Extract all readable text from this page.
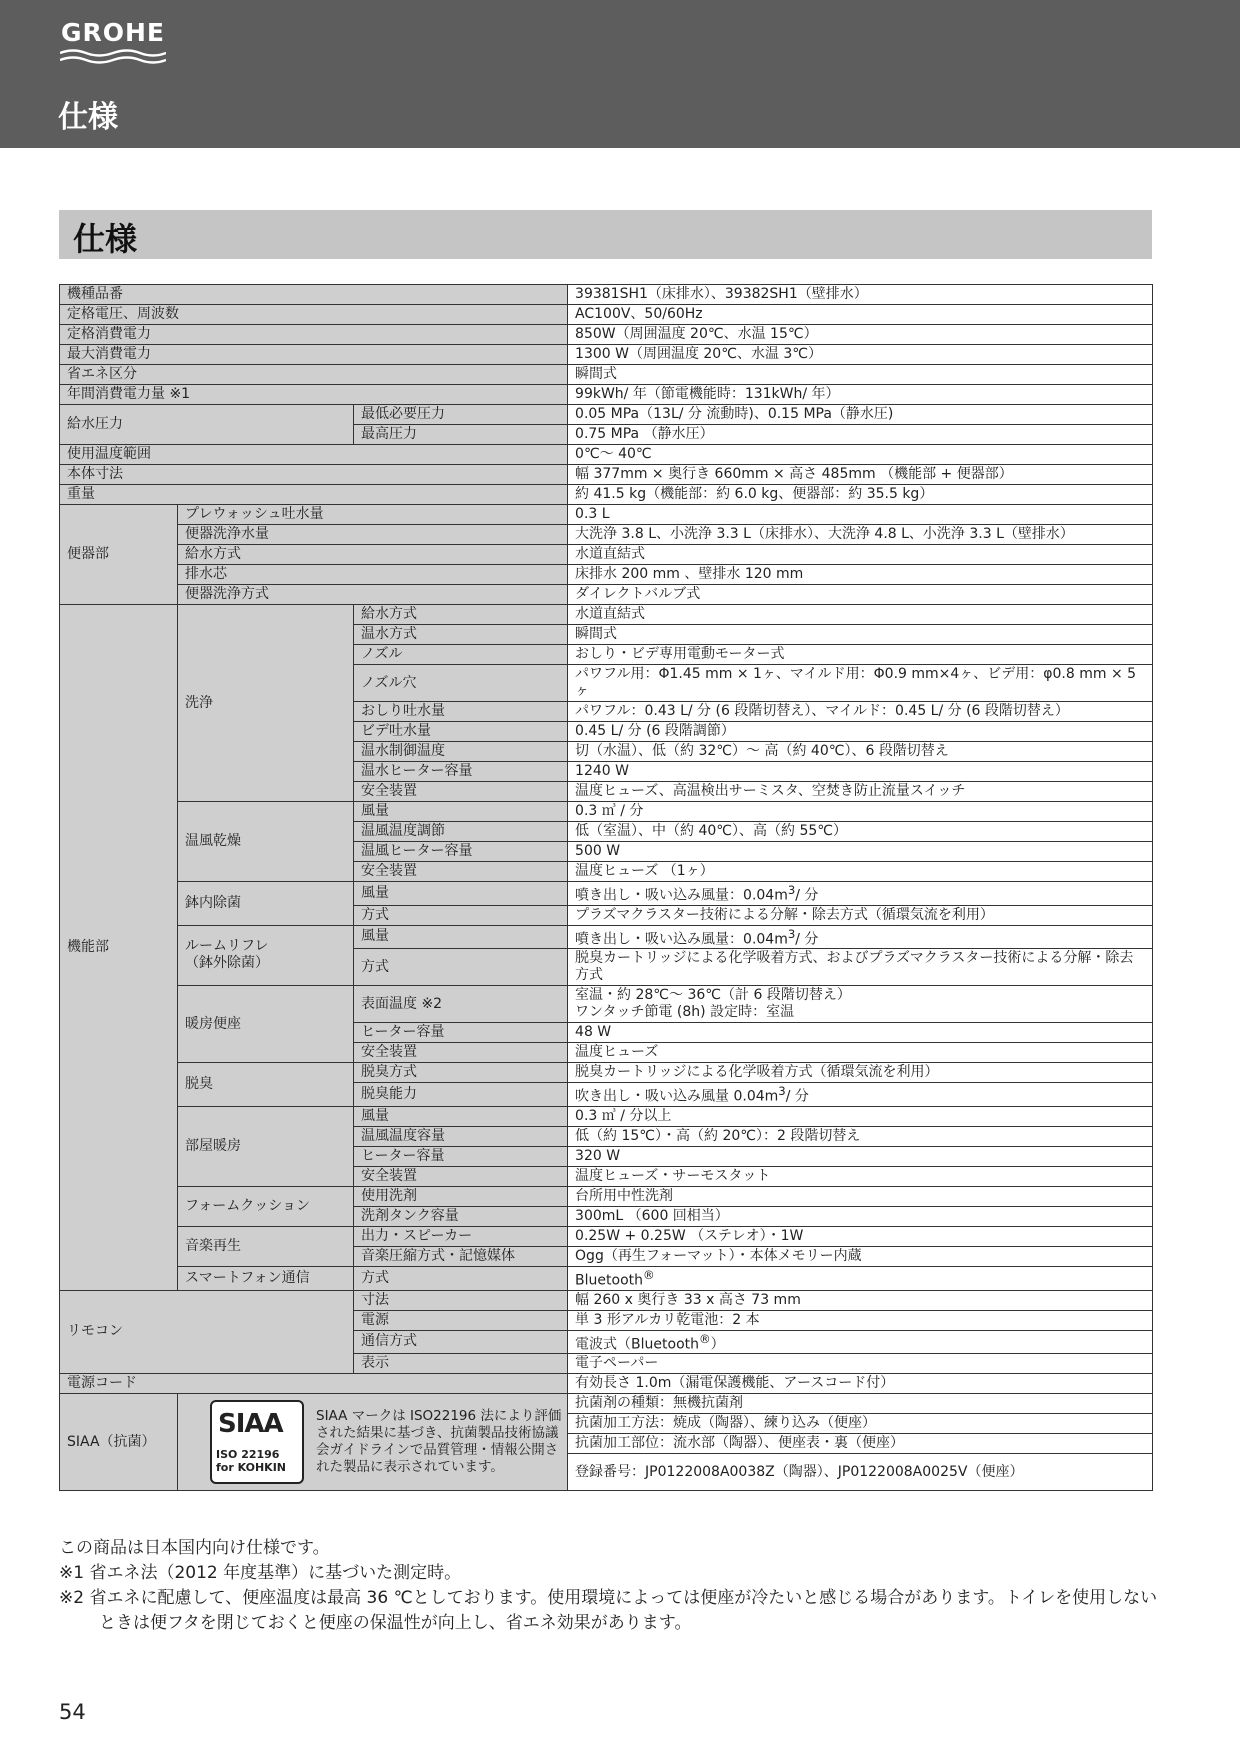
GROHE
仕様
仕様
機種品番			39381SH1（床排水）、39382SH1（壁排水）
定格電圧、周波数			AC100V、50/60Hz
定格消費電力			850W（周囲温度 20℃、水温 15℃）
最大消費電力			1300 W（周囲温度 20℃、水温 3℃）
省エネ区分			瞬間式
年間消費電力量 ※1			99kWh/ 年（節電機能時：131kWh/ 年）
給水圧力		最低必要圧力	0.05 MPa（13L/ 分 流動時)、0.15 MPa（静水圧)
		最高圧力	0.75 MPa （静水圧）
使用温度範囲			0℃〜 40℃
本体寸法			幅 377mm × 奥行き 660mm × 高さ 485mm （機能部 + 便器部）
重量			約 41.5 kg（機能部：約 6.0 kg、便器部：約 35.5 kg）
便器部	プレウォッシュ吐水量		0.3 L
	便器洗浄水量		大洗浄 3.8 L、小洗浄 3.3 L（床排水）、大洗浄 4.8 L、小洗浄 3.3 L（壁排水）
	給水方式		水道直結式
	排水芯		床排水 200 mm 、壁排水 120 mm
	便器洗浄方式		ダイレクトバルブ式
機能部	洗浄	給水方式	水道直結式
		温水方式	瞬間式
		ノズル	おしり・ビデ専用電動モーター式
		ノズル穴	パワフル用：Φ1.45 mm × 1ヶ、マイルド用：Φ0.9 mm×4ヶ、ビデ用：φ0.8 mm × 5ヶ
		おしり吐水量	パワフル：0.43 L/ 分 (6 段階切替え）、マイルド：0.45 L/ 分 (6 段階切替え）
		ビデ吐水量	0.45 L/ 分 (6 段階調節）
		温水制御温度	切（水温）、低（約 32℃）〜 高（約 40℃）、6 段階切替え
		温水ヒーター容量	1240 W
		安全装置	温度ヒューズ、高温検出サーミスタ、空焚き防止流量スイッチ
	温風乾燥	風量	0.3 ㎥ / 分
		温風温度調節	低（室温）、中（約 40℃）、高（約 55℃）
		温風ヒーター容量	500 W
		安全装置	温度ヒューズ （1ヶ）
	鉢内除菌	風量	噴き出し・吸い込み風量：$0.04m^3/$ 分
		方式	プラズマクラスター技術による分解・除去方式（循環気流を利用）
	ルームリフレ
（鉢外除菌）	風量	噴き出し・吸い込み風量：$0.04m^3/$ 分
		方式	脱臭カートリッジによる化学吸着方式、およびプラズマクラスター技術による分解・除去方式
	暖房便座	表面温度 ※2	室温・約 28℃〜 36℃（計 6 段階切替え）
ワンタッチ節電 (8h) 設定時：室温
		ヒーター容量	48 W
		安全装置	温度ヒューズ
	脱臭	脱臭方式	脱臭カートリッジによる化学吸着方式（循環気流を利用）
		脱臭能力	吹き出し・吸い込み風量 $0.04m^3/$ 分
	部屋暖房	風量	0.3 ㎥ / 分以上
		温風温度容量	低（約 15℃）・高（約 20℃）：2 段階切替え
		ヒーター容量	320 W
		安全装置	温度ヒューズ・サーモスタット
	フォームクッション	使用洗剤	台所用中性洗剤
		洗剤タンク容量	300mL （600 回相当）
	音楽再生	出力・スピーカー	0.25W + 0.25W （ステレオ）・1W
		音楽圧縮方式・記憶媒体	Ogg（再生フォーマット）・本体メモリー内蔵
	スマートフォン通信	方式	Bluetooth®
リモコン		寸法	幅 260 x 奥行き 33 x 高さ 73 mm
		電源	単 3 形アルカリ乾電池：2 本
		通信方式	電波式（Bluetooth®）
		表示	電子ペーパー
電源コード			有効長さ 1.0m（漏電保護機能、アースコード付）
SIAA（抗菌）	SIAA
ISO 22196
for KOHKIN
SIAA マークは ISO22196 法により評価された結果に基づき、抗菌製品技術協議会ガイドラインで品質管理・情報公開された製品に表示されています。		抗菌剤の種類：無機抗菌剤
			抗菌加工方法：焼成（陶器）、練り込み（便座）
			抗菌加工部位：流水部（陶器）、便座表・裏（便座）
			登録番号：JP0122008A0038Z（陶器）、JP0122008A0025V（便座）
この商品は日本国内向け仕様です。
※1 省エネ法（2012 年度基準）に基づいた測定時。
※2 省エネに配慮して、便座温度は最高 36 ℃としております。使用環境によっては便座が冷たいと感じる場合があります。トイレを使用しないときは便フタを閉じておくと便座の保温性が向上し、省エネ効果があります。
54
